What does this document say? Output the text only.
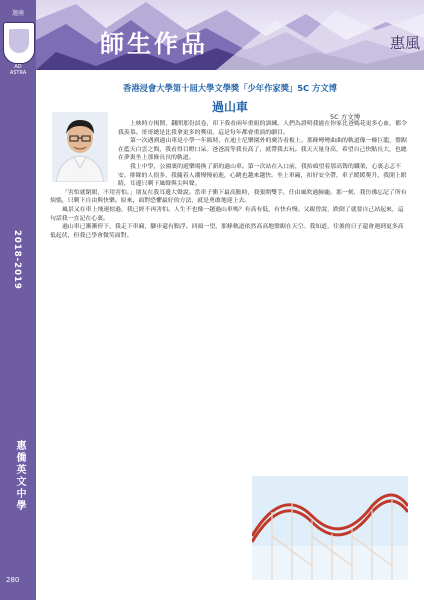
迦南
AD ASTRA
2018-2019
惠僑英文中學
280
師生作品	惠風
香港浸會大學第十屆大學文學獎「少年作家獎」5C 方文博
過山車
5C 方文博

上映時方揭開，翻開那份試卷，印下我看兩年重組的訓練。人們為證明我能在你家比爸媽花更多心血，都令我羨慕。哥哥總是比我拿更多的獎項，這是每年都會重演的劇目。

第一次遇到過山車是小學一年級時，在迪士尼樂園外的廣告看板上。那條彎彎曲曲的軌道像一條巨龍，盤踞在藍天白雲之間，我看得目瞪口呆。爸爸說等我長高了，就帶我去玩。我天天量身高，希望自己快點長大，也總在夢裏坐上那條長長的軌道。

我上中學，公園裏的遊樂場換了新的過山車。第一次站在入口前，我抬頭望着那高聳的鐵架，心裏忐忑不安。排隊的人很多，我隨着人潮慢慢前進，心跳也越來越快。坐上車廂，扣好安全帶，車子緩緩爬升，我閉上眼睛，耳邊只剩下風聲與尖叫聲。

「害怕就閉眼，不用害怕。」朋友在我耳邊大聲說。當車子衝下最高點時，我張開雙手，任由風吹過臉龐。那一刻，我彷彿忘記了所有煩惱，只剩下自由與快樂。原來，面對恐懼最好的方法，就是勇敢地迎上去。

風景又在車上飛速掠過，我已經不再害怕。人生不也像一趟過山車嗎？有高有低，有快有慢。父親曾說，跌倒了就要自己站起來，這句話我一直記在心裏。

過山車已漸漸停下，我走下車廂，腳步還有點浮。回頭一望，那條軌道依然高高地盤踞在天空。我知道，往後的日子還會遇到更多高低起伏，但我已學會微笑面對。
